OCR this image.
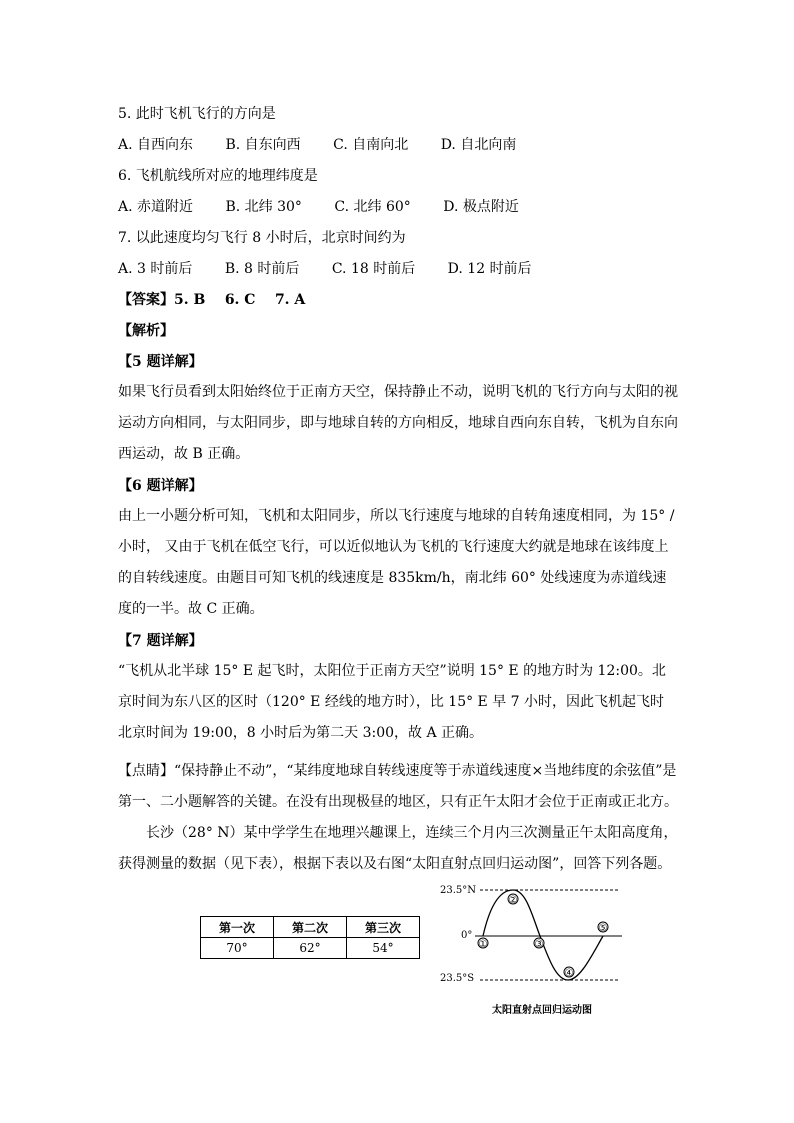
5. 此时飞机飞行的方向是
A. 自西向东 B. 自东向西 C. 自南向北 D. 自北向南
6. 飞机航线所对应的地理纬度是
A. 赤道附近 B. 北纬 30° C. 北纬 60° D. 极点附近
7. 以此速度均匀飞行 8 小时后，北京时间约为
A. 3 时前后 B. 8 时前后 C. 18 时前后 D. 12 时前后
【答案】5. B    6. C    7. A
【解析】
【5 题详解】
如果飞行员看到太阳始终位于正南方天空，保持静止不动，说明飞机的飞行方向与太阳的视运动方向相同，与太阳同步，即与地球自转的方向相反，地球自西向东自转，飞机为自东向西运动，故 B 正确。
【6 题详解】
由上一小题分析可知，飞机和太阳同步，所以飞行速度与地球的自转角速度相同，为 15° /小时， 又由于飞机在低空飞行，可以近似地认为飞机的飞行速度大约就是地球在该纬度上的自转线速度。由题目可知飞机的线速度是 835km/h，南北纬 60° 处线速度为赤道线速度的一半。故 C 正确。
【7 题详解】
“飞机从北半球 15° E 起飞时，太阳位于正南方天空”说明 15° E 的地方时为 12:00。北京时间为东八区的区时（120° E 经线的地方时），比 15° E 早 7 小时，因此飞机起飞时北京时间为 19:00，8 小时后为第二天 3:00，故 A 正确。
【点睛】“保持静止不动”，“某纬度地球自转线速度等于赤道线速度×当地纬度的余弦值”是第一、二小题解答的关键。在没有出现极昼的地区，只有正午太阳才会位于正南或正北方。
长沙（28° N）某中学学生在地理兴趣课上，连续三个月内三次测量正午太阳高度角，获得测量的数据（见下表），根据下表以及右图“太阳直射点回归运动图”，回答下列各题。
第一次	第二次	第三次
70°	62°	54°
23.5°N
0°
23.5°S
①
②
③
④
⑤
太阳直射点回归运动图
